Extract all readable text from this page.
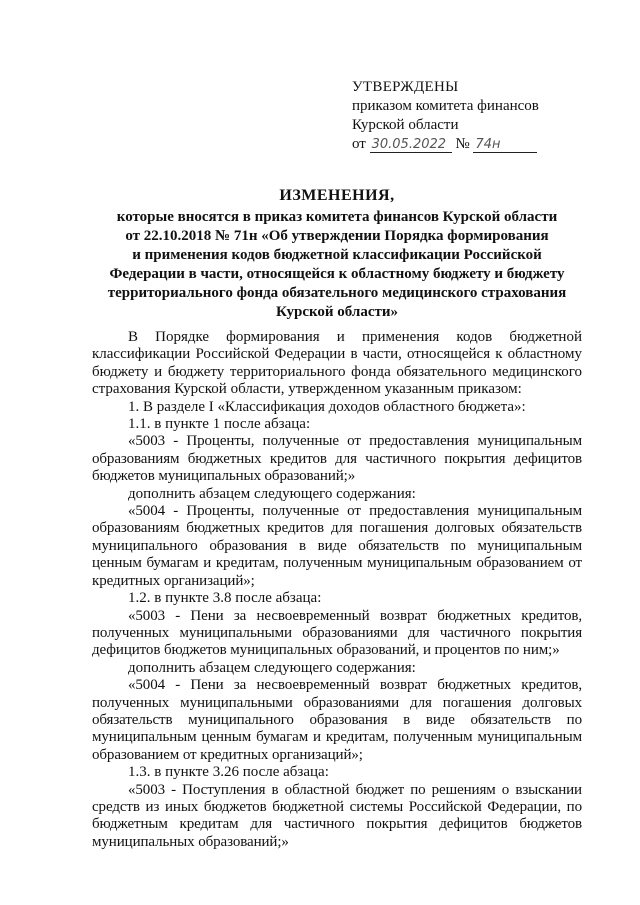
УТВЕРЖДЕНЫ
приказом комитета финансов
Курской области
от 30.05.2022 № 74н
ИЗМЕНЕНИЯ,
которые вносятся в приказ комитета финансов Курской области
от 22.10.2018 № 71н «Об утверждении Порядка формирования
и применения кодов бюджетной классификации Российской
Федерации в части, относящейся к областному бюджету и бюджету
территориального фонда обязательного медицинского страхования
Курской области»

В Порядке формирования и применения кодов бюджетной классификации Российской Федерации в части, относящейся к областному бюджету и бюджету территориального фонда обязательного медицинского страхования Курской области, утвержденном указанным приказом:

1. В разделе I «Классификация доходов областного бюджета»:

1.1. в пункте 1 после абзаца:

«5003 - Проценты, полученные от предоставления муниципальным образованиям бюджетных кредитов для частичного покрытия дефицитов бюджетов муниципальных образований;»

дополнить абзацем следующего содержания:

«5004 - Проценты, полученные от предоставления муниципальным образованиям бюджетных кредитов для погашения долговых обязательств муниципального образования в виде обязательств по муниципальным ценным бумагам и кредитам, полученным муниципальным образованием от кредитных организаций»;

1.2. в пункте 3.8 после абзаца:

«5003 - Пени за несвоевременный возврат бюджетных кредитов, полученных муниципальными образованиями для частичного покрытия дефицитов бюджетов муниципальных образований, и процентов по ним;»

дополнить абзацем следующего содержания:

«5004 - Пени за несвоевременный возврат бюджетных кредитов, полученных муниципальными образованиями для погашения долговых обязательств муниципального образования в виде обязательств по муниципальным ценным бумагам и кредитам, полученным муниципальным образованием от кредитных организаций»;

1.3. в пункте 3.26 после абзаца:

«5003 - Поступления в областной бюджет по решениям о взыскании средств из иных бюджетов бюджетной системы Российской Федерации, по бюджетным кредитам для частичного покрытия дефицитов бюджетов муниципальных образований;»
